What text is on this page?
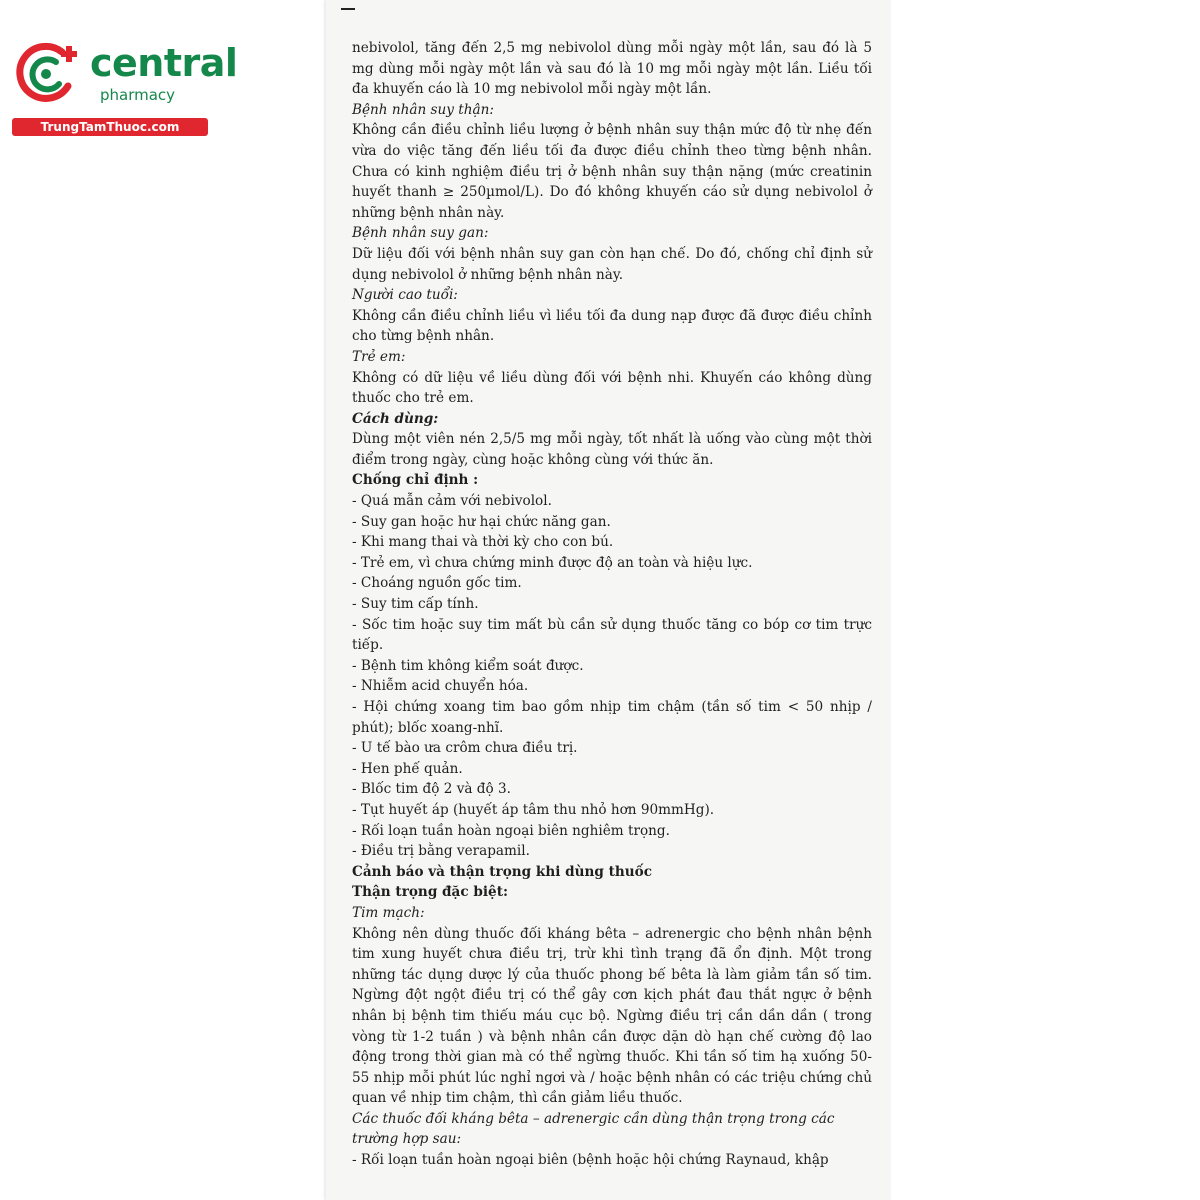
central
pharmacy
TrungTamThuoc.com

nebivolol, tăng đến 2,5 mg nebivolol dùng mỗi ngày một lần, sau đó là 5 mg dùng mỗi ngày một lần và sau đó là 10 mg mỗi ngày một lần. Liều tối đa khuyến cáo là 10 mg nebivolol mỗi ngày một lần.

Bệnh nhân suy thận:

Không cần điều chỉnh liều lượng ở bệnh nhân suy thận mức độ từ nhẹ đến vừa do việc tăng đến liều tối đa được điều chỉnh theo từng bệnh nhân. Chưa có kinh nghiệm điều trị ở bệnh nhân suy thận nặng (mức creatinin huyết thanh ≥ 250µmol/L). Do đó không khuyến cáo sử dụng nebivolol ở những bệnh nhân này.

Bệnh nhân suy gan:

Dữ liệu đối với bệnh nhân suy gan còn hạn chế. Do đó, chống chỉ định sử dụng nebivolol ở những bệnh nhân này.

Người cao tuổi:

Không cần điều chỉnh liều vì liều tối đa dung nạp được đã được điều chỉnh cho từng bệnh nhân.

Trẻ em:

Không có dữ liệu về liều dùng đối với bệnh nhi. Khuyến cáo không dùng thuốc cho trẻ em.

Cách dùng:

Dùng một viên nén 2,5/5 mg mỗi ngày, tốt nhất là uống vào cùng một thời điểm trong ngày, cùng hoặc không cùng với thức ăn.

Chống chỉ định :

- Quá mẫn cảm với nebivolol.

- Suy gan hoặc hư hại chức năng gan.

- Khi mang thai và thời kỳ cho con bú.

- Trẻ em, vì chưa chứng minh được độ an toàn và hiệu lực.

- Choáng nguồn gốc tim.

- Suy tim cấp tính.

- Sốc tim hoặc suy tim mất bù cần sử dụng thuốc tăng co bóp cơ tim trực tiếp.

- Bệnh tim không kiểm soát được.

- Nhiễm acid chuyển hóa.

- Hội chứng xoang tim bao gồm nhịp tim chậm (tần số tim < 50 nhịp / phút); blốc xoang-nhĩ.

- U tế bào ưa crôm chưa điều trị.

- Hen phế quản.

- Blốc tim độ 2 và độ 3.

- Tụt huyết áp (huyết áp tâm thu nhỏ hơn 90mmHg).

- Rối loạn tuần hoàn ngoại biên nghiêm trọng.

- Điều trị bằng verapamil.

Cảnh báo và thận trọng khi dùng thuốc

Thận trọng đặc biệt:

Tim mạch:

Không nên dùng thuốc đối kháng bêta – adrenergic cho bệnh nhân bệnh tim xung huyết chưa điều trị, trừ khi tình trạng đã ổn định. Một trong những tác dụng dược lý của thuốc phong bế bêta là làm giảm tần số tim. Ngừng đột ngột điều trị có thể gây cơn kịch phát đau thắt ngực ở bệnh nhân bị bệnh tim thiếu máu cục bộ. Ngừng điều trị cần dần dần ( trong vòng từ 1-2 tuần ) và bệnh nhân cần được dặn dò hạn chế cường độ lao động trong thời gian mà có thể ngừng thuốc. Khi tần số tim hạ xuống 50-55 nhịp mỗi phút lúc nghỉ ngơi và / hoặc bệnh nhân có các triệu chứng chủ quan về nhịp tim chậm, thì cần giảm liều thuốc.

Các thuốc đối kháng bêta – adrenergic cần dùng thận trọng trong các trường hợp sau:

- Rối loạn tuần hoàn ngoại biên (bệnh hoặc hội chứng Raynaud, khập
